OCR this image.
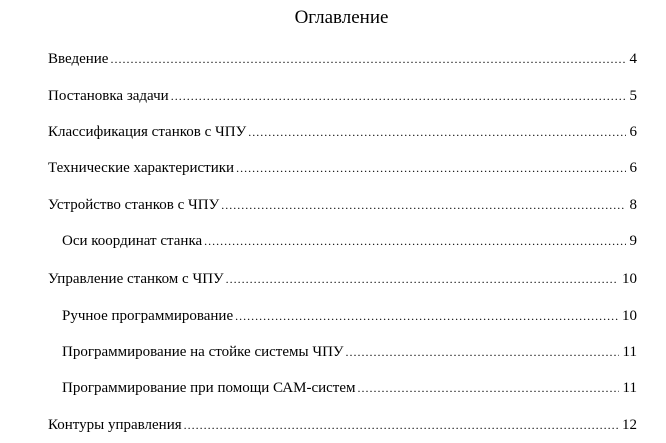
Оглавление
Введение .....	4
Постановка задачи .....	5
Классификация станков с ЧПУ .....	6
Технические характеристики .....	6
Устройство станков с ЧПУ .....	8
Оси координат станка .....	9
Управление станком с ЧПУ .....	10
Ручное программирование .....	10
Программирование на стойке системы ЧПУ .....	11
Программирование при помощи САМ-систем .....	11
Контуры управления .....	12
